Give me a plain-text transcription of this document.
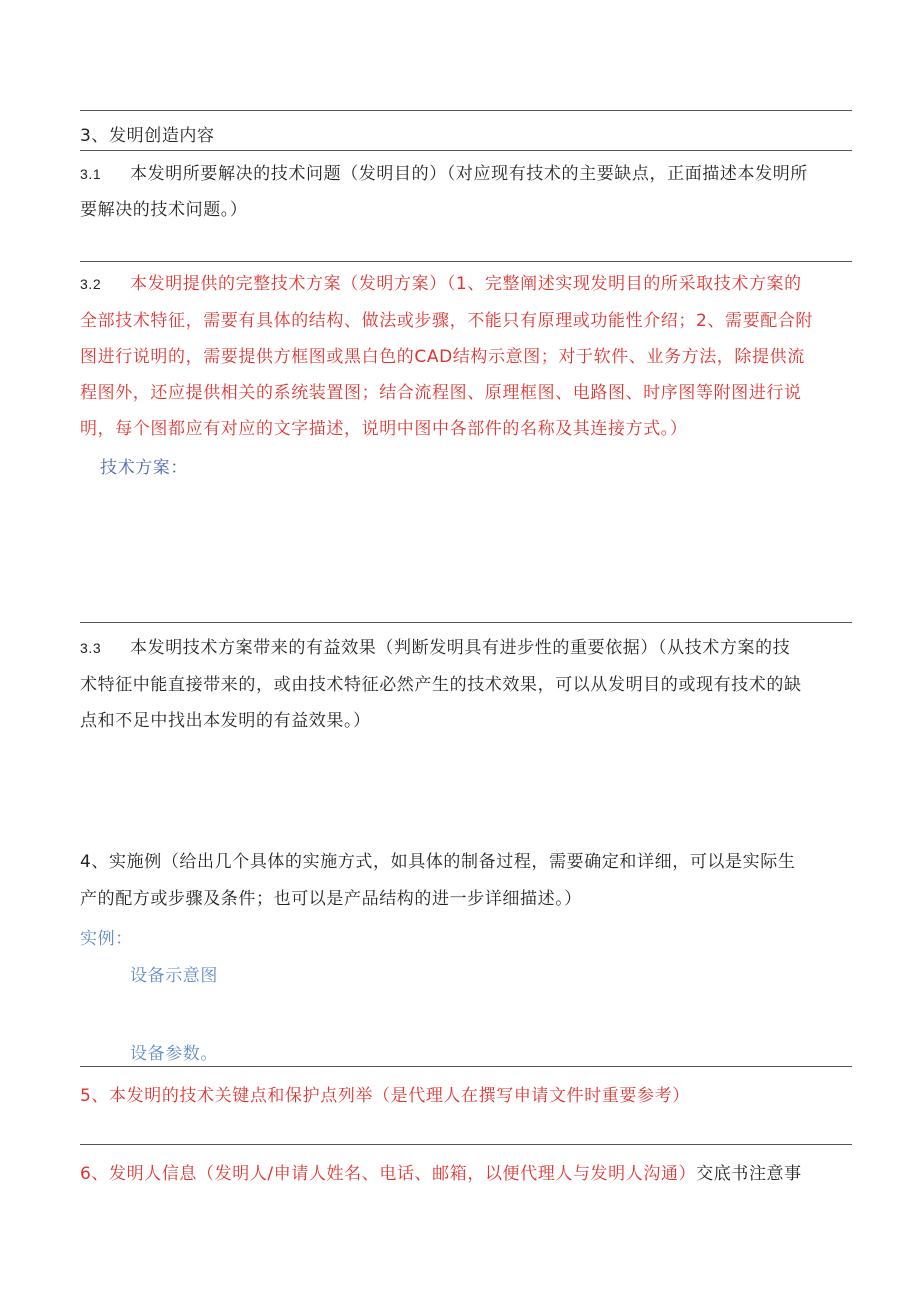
3、发明创造内容
3.1 本发明所要解决的技术问题（发明目的）（对应现有技术的主要缺点，正面描述本发明所
要解决的技术问题。）
3.2 本发明提供的完整技术方案（发明方案）（1、完整阐述实现发明目的所采取技术方案的
全部技术特征，需要有具体的结构、做法或步骤，不能只有原理或功能性介绍；2、需要配合附
图进行说明的，需要提供方框图或黑白色的CAD结构示意图；对于软件、业务方法，除提供流
程图外，还应提供相关的系统装置图；结合流程图、原理框图、电路图、时序图等附图进行说
明，每个图都应有对应的文字描述，说明中图中各部件的名称及其连接方式。）
技术方案：
3.3 本发明技术方案带来的有益效果（判断发明具有进步性的重要依据）（从技术方案的技
术特征中能直接带来的，或由技术特征必然产生的技术效果，可以从发明目的或现有技术的缺
点和不足中找出本发明的有益效果。）
4、实施例（给出几个具体的实施方式，如具体的制备过程，需要确定和详细，可以是实际生
产的配方或步骤及条件；也可以是产品结构的进一步详细描述。）
实例：
设备示意图
设备参数。
5、本发明的技术关键点和保护点列举（是代理人在撰写申请文件时重要参考）
6、发明人信息（发明人/申请人姓名、电话、邮箱，以便代理人与发明人沟通）交底书注意事
